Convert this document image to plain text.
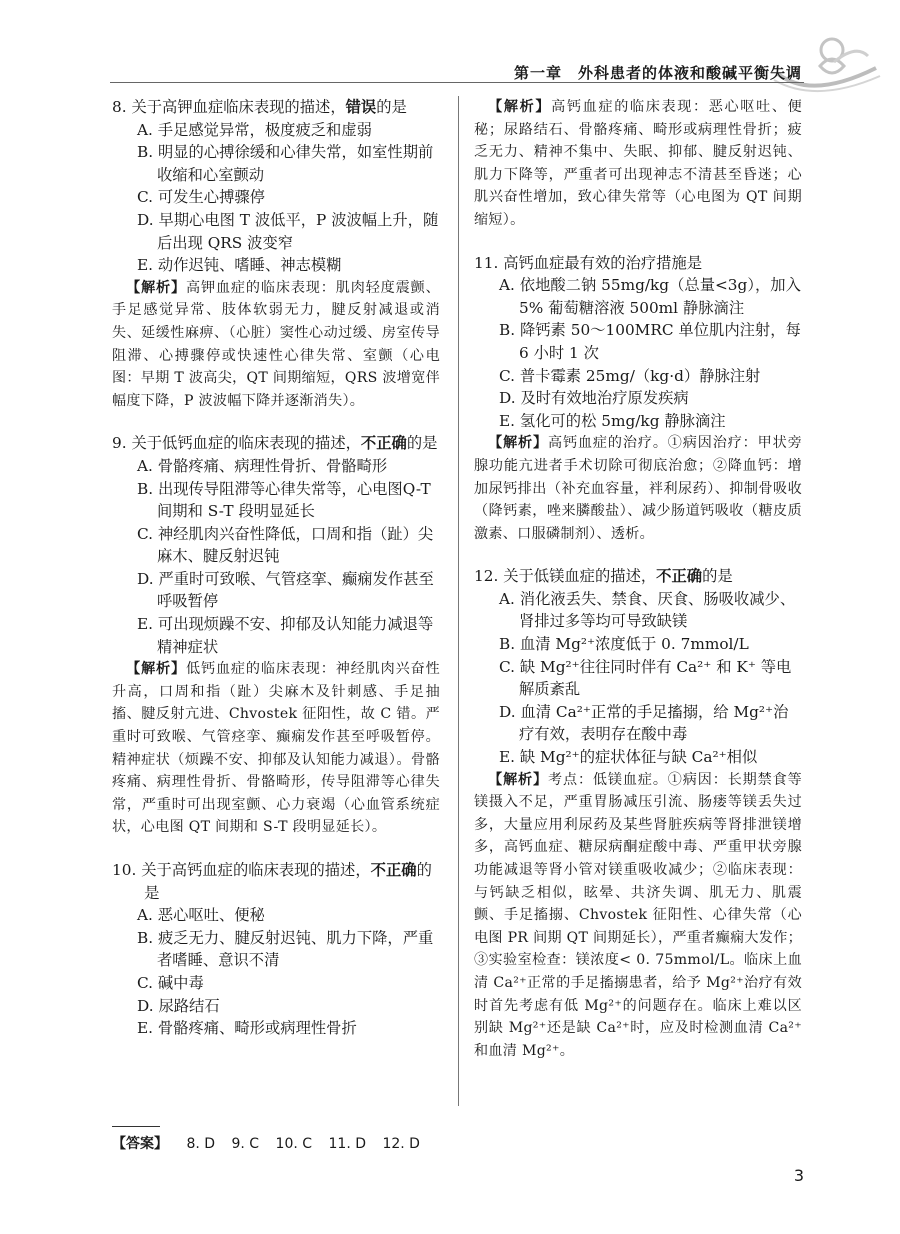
第一章　外科患者的体液和酸碱平衡失调
8. 关于高钾血症临床表现的描述，错误的是
A. 手足感觉异常，极度疲乏和虚弱
B. 明显的心搏徐缓和心律失常，如室性期前收缩和心室颤动
C. 可发生心搏骤停
D. 早期心电图 T 波低平，P 波波幅上升，随后出现 QRS 波变窄
E. 动作迟钝、嗜睡、神志模糊
【解析】高钾血症的临床表现：肌肉轻度震颤、手足感觉异常、肢体软弱无力，腱反射减退或消失、延缓性麻痹、（心脏）窦性心动过缓、房室传导阻滞、心搏骤停或快速性心律失常、室颤（心电图：早期 T 波高尖，QT 间期缩短，QRS 波增宽伴幅度下降，P 波波幅下降并逐渐消失）。
9. 关于低钙血症的临床表现的描述，不正确的是
A. 骨骼疼痛、病理性骨折、骨骼畸形
B. 出现传导阻滞等心律失常等，心电图Q-T间期和 S-T 段明显延长
C. 神经肌肉兴奋性降低，口周和指（趾）尖麻木、腱反射迟钝
D. 严重时可致喉、气管痉挛、癫痫发作甚至呼吸暂停
E. 可出现烦躁不安、抑郁及认知能力减退等精神症状
【解析】低钙血症的临床表现：神经肌肉兴奋性升高，口周和指（趾）尖麻木及针刺感、手足抽搐、腱反射亢进、Chvostek 征阳性，故 C 错。严重时可致喉、气管痉挛、癫痫发作甚至呼吸暂停。精神症状（烦躁不安、抑郁及认知能力减退）。骨骼疼痛、病理性骨折、骨骼畸形，传导阻滞等心律失常，严重时可出现室颤、心力衰竭（心血管系统症状，心电图 QT 间期和 S-T 段明显延长）。
10. 关于高钙血症的临床表现的描述，不正确的是
A. 恶心呕吐、便秘
B. 疲乏无力、腱反射迟钝、肌力下降，严重者嗜睡、意识不清
C. 碱中毒
D. 尿路结石
E. 骨骼疼痛、畸形或病理性骨折
【解析】高钙血症的临床表现：恶心呕吐、便秘；尿路结石、骨骼疼痛、畸形或病理性骨折；疲乏无力、精神不集中、失眠、抑郁、腱反射迟钝、肌力下降等，严重者可出现神志不清甚至昏迷；心肌兴奋性增加，致心律失常等（心电图为 QT 间期缩短）。
11. 高钙血症最有效的治疗措施是
A. 依地酸二钠 55mg/kg（总量<3g），加入5% 葡萄糖溶液 500ml 静脉滴注
B. 降钙素 50～100MRC 单位肌内注射，每 6 小时 1 次
C. 普卡霉素 25mg/（kg·d）静脉注射
D. 及时有效地治疗原发疾病
E. 氢化可的松 5mg/kg 静脉滴注
【解析】高钙血症的治疗。①病因治疗：甲状旁腺功能亢进者手术切除可彻底治愈；②降血钙：增加尿钙排出（补充血容量，袢利尿药）、抑制骨吸收（降钙素，唑来膦酸盐）、减少肠道钙吸收（糖皮质激素、口服磷制剂）、透析。
12. 关于低镁血症的描述，不正确的是
A. 消化液丢失、禁食、厌食、肠吸收减少、肾排过多等均可导致缺镁
B. 血清 Mg²⁺浓度低于 0. 7mmol/L
C. 缺 Mg²⁺往往同时伴有 Ca²⁺ 和 K⁺ 等电解质紊乱
D. 血清 Ca²⁺正常的手足搐搦，给 Mg²⁺治疗有效，表明存在酸中毒
E. 缺 Mg²⁺的症状体征与缺 Ca²⁺相似
【解析】考点：低镁血症。①病因：长期禁食等镁摄入不足，严重胃肠减压引流、肠瘘等镁丢失过多，大量应用利尿药及某些肾脏疾病等肾排泄镁增多，高钙血症、糖尿病酮症酸中毒、严重甲状旁腺功能减退等肾小管对镁重吸收减少；②临床表现：与钙缺乏相似，眩晕、共济失调、肌无力、肌震颤、手足搐搦、Chvostek 征阳性、心律失常（心电图 PR 间期 QT 间期延长），严重者癫痫大发作；③实验室检查：镁浓度< 0. 75mmol/L。临床上血清 Ca²⁺正常的手足搐搦患者，给予 Mg²⁺治疗有效时首先考虑有低 Mg²⁺的问题存在。临床上难以区别缺 Mg²⁺还是缺 Ca²⁺时，应及时检测血清 Ca²⁺和血清 Mg²⁺。
【答案】 8. D 9. C 10. C 11. D 12. D
3
